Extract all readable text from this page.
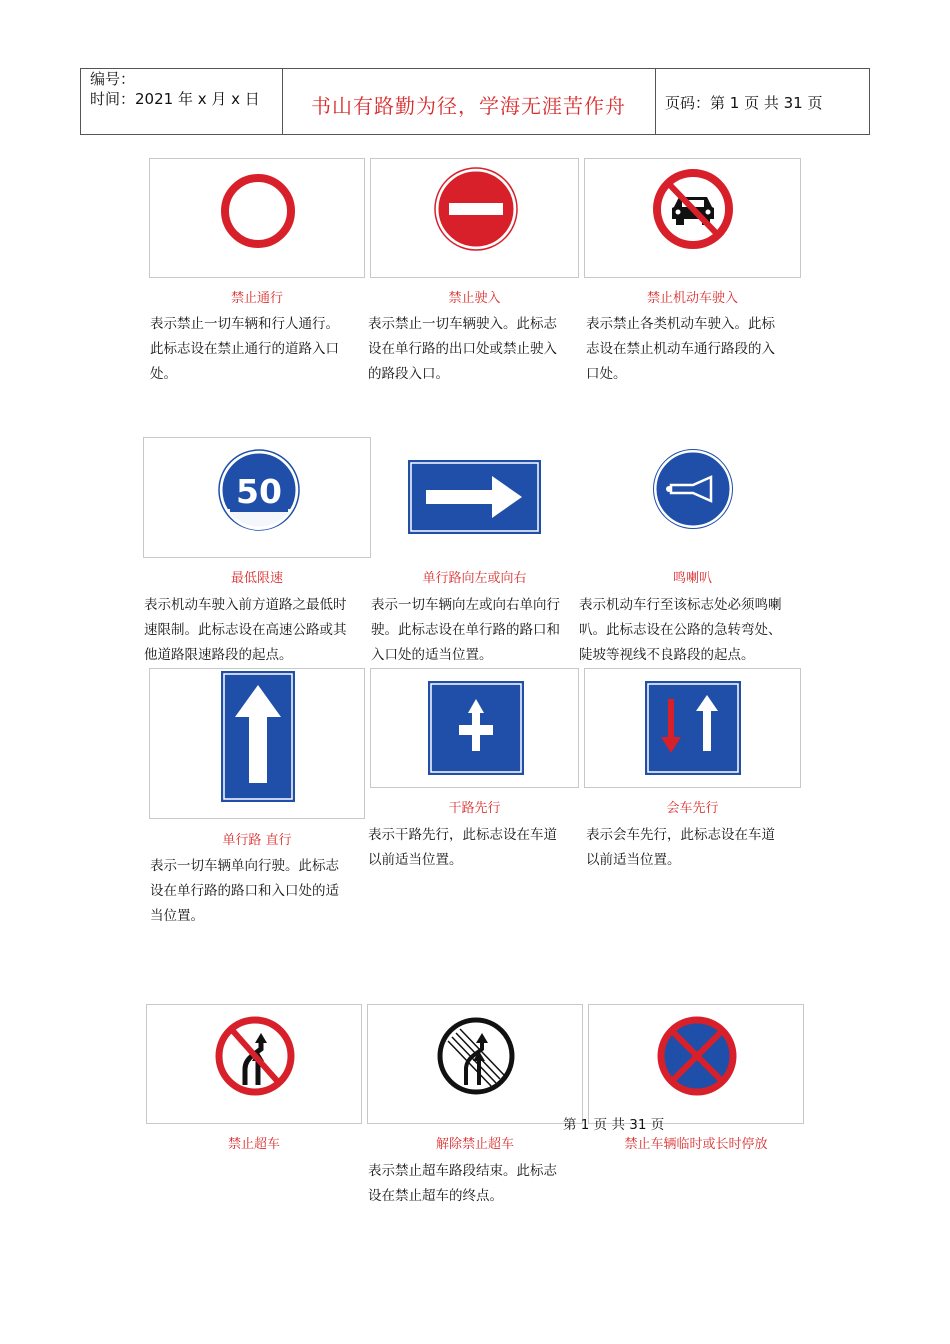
编号：
时间：2021 年 x 月 x 日	书山有路勤为径，学海无涯苦作舟	页码：第 1 页 共 31 页
禁止通行	禁止驶入	禁止机动车驶入
表示禁止一切车辆和行人通行。
此标志设在禁止通行的道路入口
处。
表示禁止一切车辆驶入。此标志
设在单行路的出口处或禁止驶入
的路段入口。
表示禁止各类机动车驶入。此标
志设在禁止机动车通行路段的入
口处。
50
最低限速	单行路向左或向右	鸣喇叭
表示机动车驶入前方道路之最低时
速限制。此标志设在高速公路或其
他道路限速路段的起点。
表示一切车辆向左或向右单向行
驶。此标志设在单行路的路口和
入口处的适当位置。
表示机动车行至该标志处必须鸣喇
叭。此标志设在公路的急转弯处、
陡坡等视线不良路段的起点。
单行路 直行
干路先行	会车先行
表示一切车辆单向行驶。此标志
设在单行路的路口和入口处的适
当位置。
表示干路先行，此标志设在车道
以前适当位置。
表示会车先行，此标志设在车道
以前适当位置。
第 1 页 共 31 页
禁止超车	解除禁止超车	禁止车辆临时或长时停放
表示禁止超车路段结束。此标志
设在禁止超车的终点。
